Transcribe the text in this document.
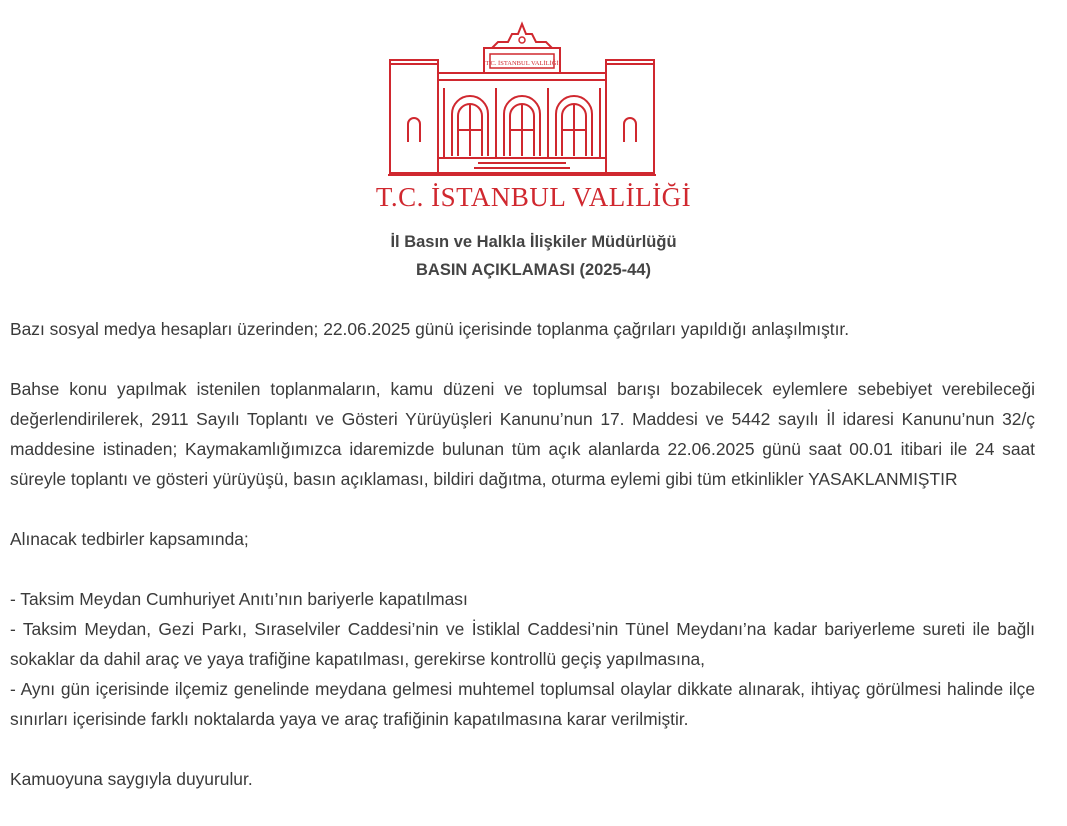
T.C. İSTANBUL VALİLİĞİ
T.C. İSTANBUL VALİLİĞİ
İl Basın ve Halkla İlişkiler Müdürlüğü
BASIN AÇIKLAMASI (2025-44)

Bazı sosyal medya hesapları üzerinden; 22.06.2025 günü içerisinde toplanma çağrıları yapıldığı anlaşılmıştır.

Bahse konu yapılmak istenilen toplanmaların, kamu düzeni ve toplumsal barışı bozabilecek eylemlere sebebiyet verebileceği değerlendirilerek, 2911 Sayılı Toplantı ve Gösteri Yürüyüşleri Kanunu’nun 17. Maddesi ve 5442 sayılı İl idaresi Kanunu’nun 32/ç maddesine istinaden; Kaymakamlığımızca idaremizde bulunan tüm açık alanlarda 22.06.2025 günü saat 00.01 itibari ile 24 saat süreyle toplantı ve gösteri yürüyüşü, basın açıklaması, bildiri dağıtma, oturma eylemi gibi tüm etkinlikler YASAKLANMIŞTIR

Alınacak tedbirler kapsamında;

- Taksim Meydan Cumhuriyet Anıtı’nın bariyerle kapatılması

- Taksim Meydan, Gezi Parkı, Sıraselviler Caddesi’nin ve İstiklal Caddesi’nin Tünel Meydanı’na kadar bariyerleme sureti ile bağlı sokaklar da dahil araç ve yaya trafiğine kapatılması, gerekirse kontrollü geçiş yapılmasına,

- Aynı gün içerisinde ilçemiz genelinde meydana gelmesi muhtemel toplumsal olaylar dikkate alınarak, ihtiyaç görülmesi halinde ilçe sınırları içerisinde farklı noktalarda yaya ve araç trafiğinin kapatılmasına karar verilmiştir.

Kamuoyuna saygıyla duyurulur.
